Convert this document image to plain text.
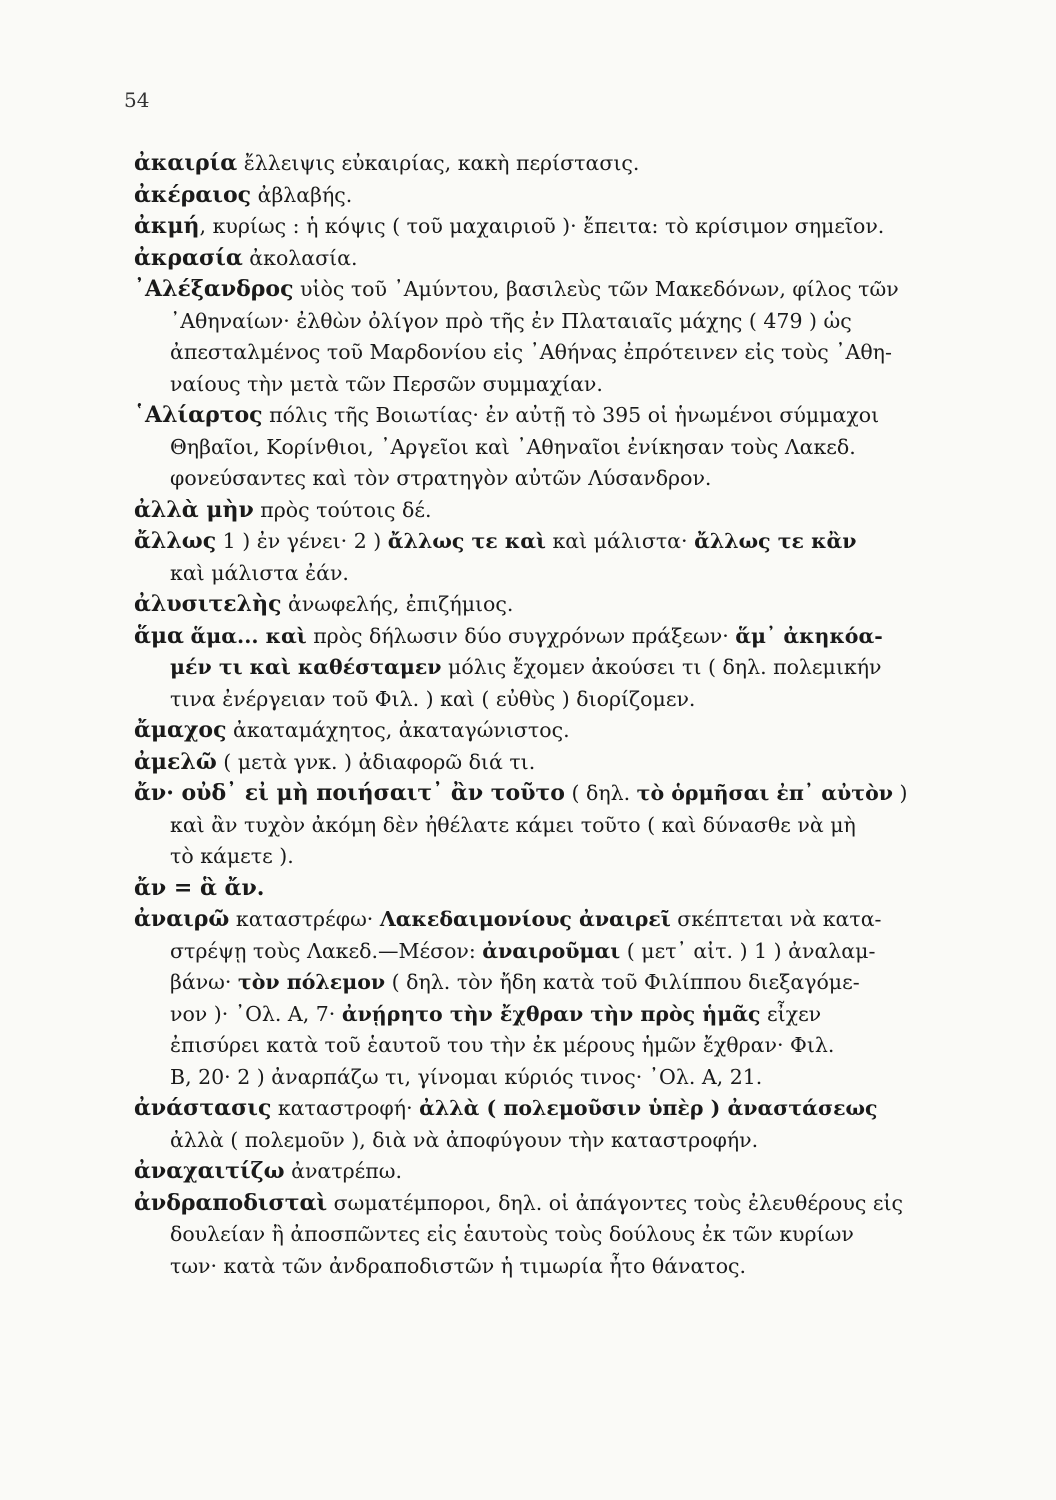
54

ἀκαιρία ἔλλειψις εὐκαιρίας, κακὴ περίστασις.

ἀκέραιος ἀβλαβής.

ἀκμή, κυρίως : ἡ κόψις ( τοῦ μαχαιριοῦ )· ἔπειτα: τὸ κρίσιμον σημεῖον.

ἀκρασία ἀκολασία.

᾿Αλέξανδρος υἱὸς τοῦ ᾿Αμύντου, βασιλεὺς τῶν Μακεδόνων, φίλος τῶν
᾿Αθηναίων· ἐλθὼν ὀλίγον πρὸ τῆς ἐν Πλαταιαῖς μάχης ( 479 ) ὡς
ἀπεσταλμένος τοῦ Μαρδονίου εἰς ᾿Αθήνας ἐπρότεινεν εἰς τοὺς ᾿Αθη-
ναίους τὴν μετὰ τῶν Περσῶν συμμαχίαν.

῾Αλίαρτος πόλις τῆς Βοιωτίας· ἐν αὐτῇ τὸ 395 οἱ ἡνωμένοι σύμμαχοι
Θηβαῖοι, Κορίνθιοι, ᾿Αργεῖοι καὶ ᾿Αθηναῖοι ἐνίκησαν τοὺς Λακεδ.
φονεύσαντες καὶ τὸν στρατηγὸν αὐτῶν Λύσανδρον.

ἀλλὰ μὴν πρὸς τούτοις δέ.

ἄλλως 1 ) ἐν γένει· 2 ) ἄλλως τε καὶ καὶ μάλιστα· ἄλλως τε κἂν
καὶ μάλιστα ἐάν.

ἀλυσιτελὴς ἀνωφελής, ἐπιζήμιος.

ἅμα ἅμα... καὶ πρὸς δήλωσιν δύο συγχρόνων πράξεων· ἅμ᾿ ἀκηκόα-
μέν τι καὶ καθέσταμεν μόλις ἔχομεν ἀκούσει τι ( δηλ. πολεμικήν
τινα ἐνέργειαν τοῦ Φιλ. ) καὶ ( εὐθὺς ) διορίζομεν.

ἄμαχος ἀκαταμάχητος, ἀκαταγώνιστος.

ἀμελῶ ( μετὰ γνκ. ) ἀδιαφορῶ διά τι.

ἄν· οὐδ᾿ εἰ μὴ ποιήσαιτ᾿ ἂν τοῦτο ( δηλ. τὸ ὁρμῆσαι ἐπ᾿ αὐτὸν )
καὶ ἂν τυχὸν ἀκόμη δὲν ἠθέλατε κάμει τοῦτο ( καὶ δύνασθε νὰ μὴ
τὸ κάμετε ).

ἄν = ἃ ἄν.

ἀναιρῶ καταστρέφω· Λακεδαιμονίους ἀναιρεῖ σκέπτεται νὰ κατα-
στρέψῃ τοὺς Λακεδ.—Μέσον: ἀναιροῦμαι ( μετ᾿ αἰτ. ) 1 ) ἀναλαμ-
βάνω· τὸν πόλεμον ( δηλ. τὸν ἤδη κατὰ τοῦ Φιλίππου διεξαγόμε-
νον )· ᾿Ολ. Α, 7· ἀνῄρητο τὴν ἔχθραν τὴν πρὸς ἡμᾶς εἶχεν
ἐπισύρει κατὰ τοῦ ἑαυτοῦ του τὴν ἐκ μέρους ἡμῶν ἔχθραν· Φιλ.
Β, 20· 2 ) ἀναρπάζω τι, γίνομαι κύριός τινος· ᾿Ολ. Α, 21.

ἀνάστασις καταστροφή· ἀλλὰ ( πολεμοῦσιν ὑπὲρ ) ἀναστάσεως
ἀλλὰ ( πολεμοῦν ), διὰ νὰ ἀποφύγουν τὴν καταστροφήν.

ἀναχαιτίζω ἀνατρέπω.

ἀνδραποδισταὶ σωματέμποροι, δηλ. οἱ ἀπάγοντες τοὺς ἐλευθέρους εἰς
δουλείαν ἢ ἀποσπῶντες εἰς ἑαυτοὺς τοὺς δούλους ἐκ τῶν κυρίων
των· κατὰ τῶν ἀνδραποδιστῶν ἡ τιμωρία ἦτο θάνατος.
